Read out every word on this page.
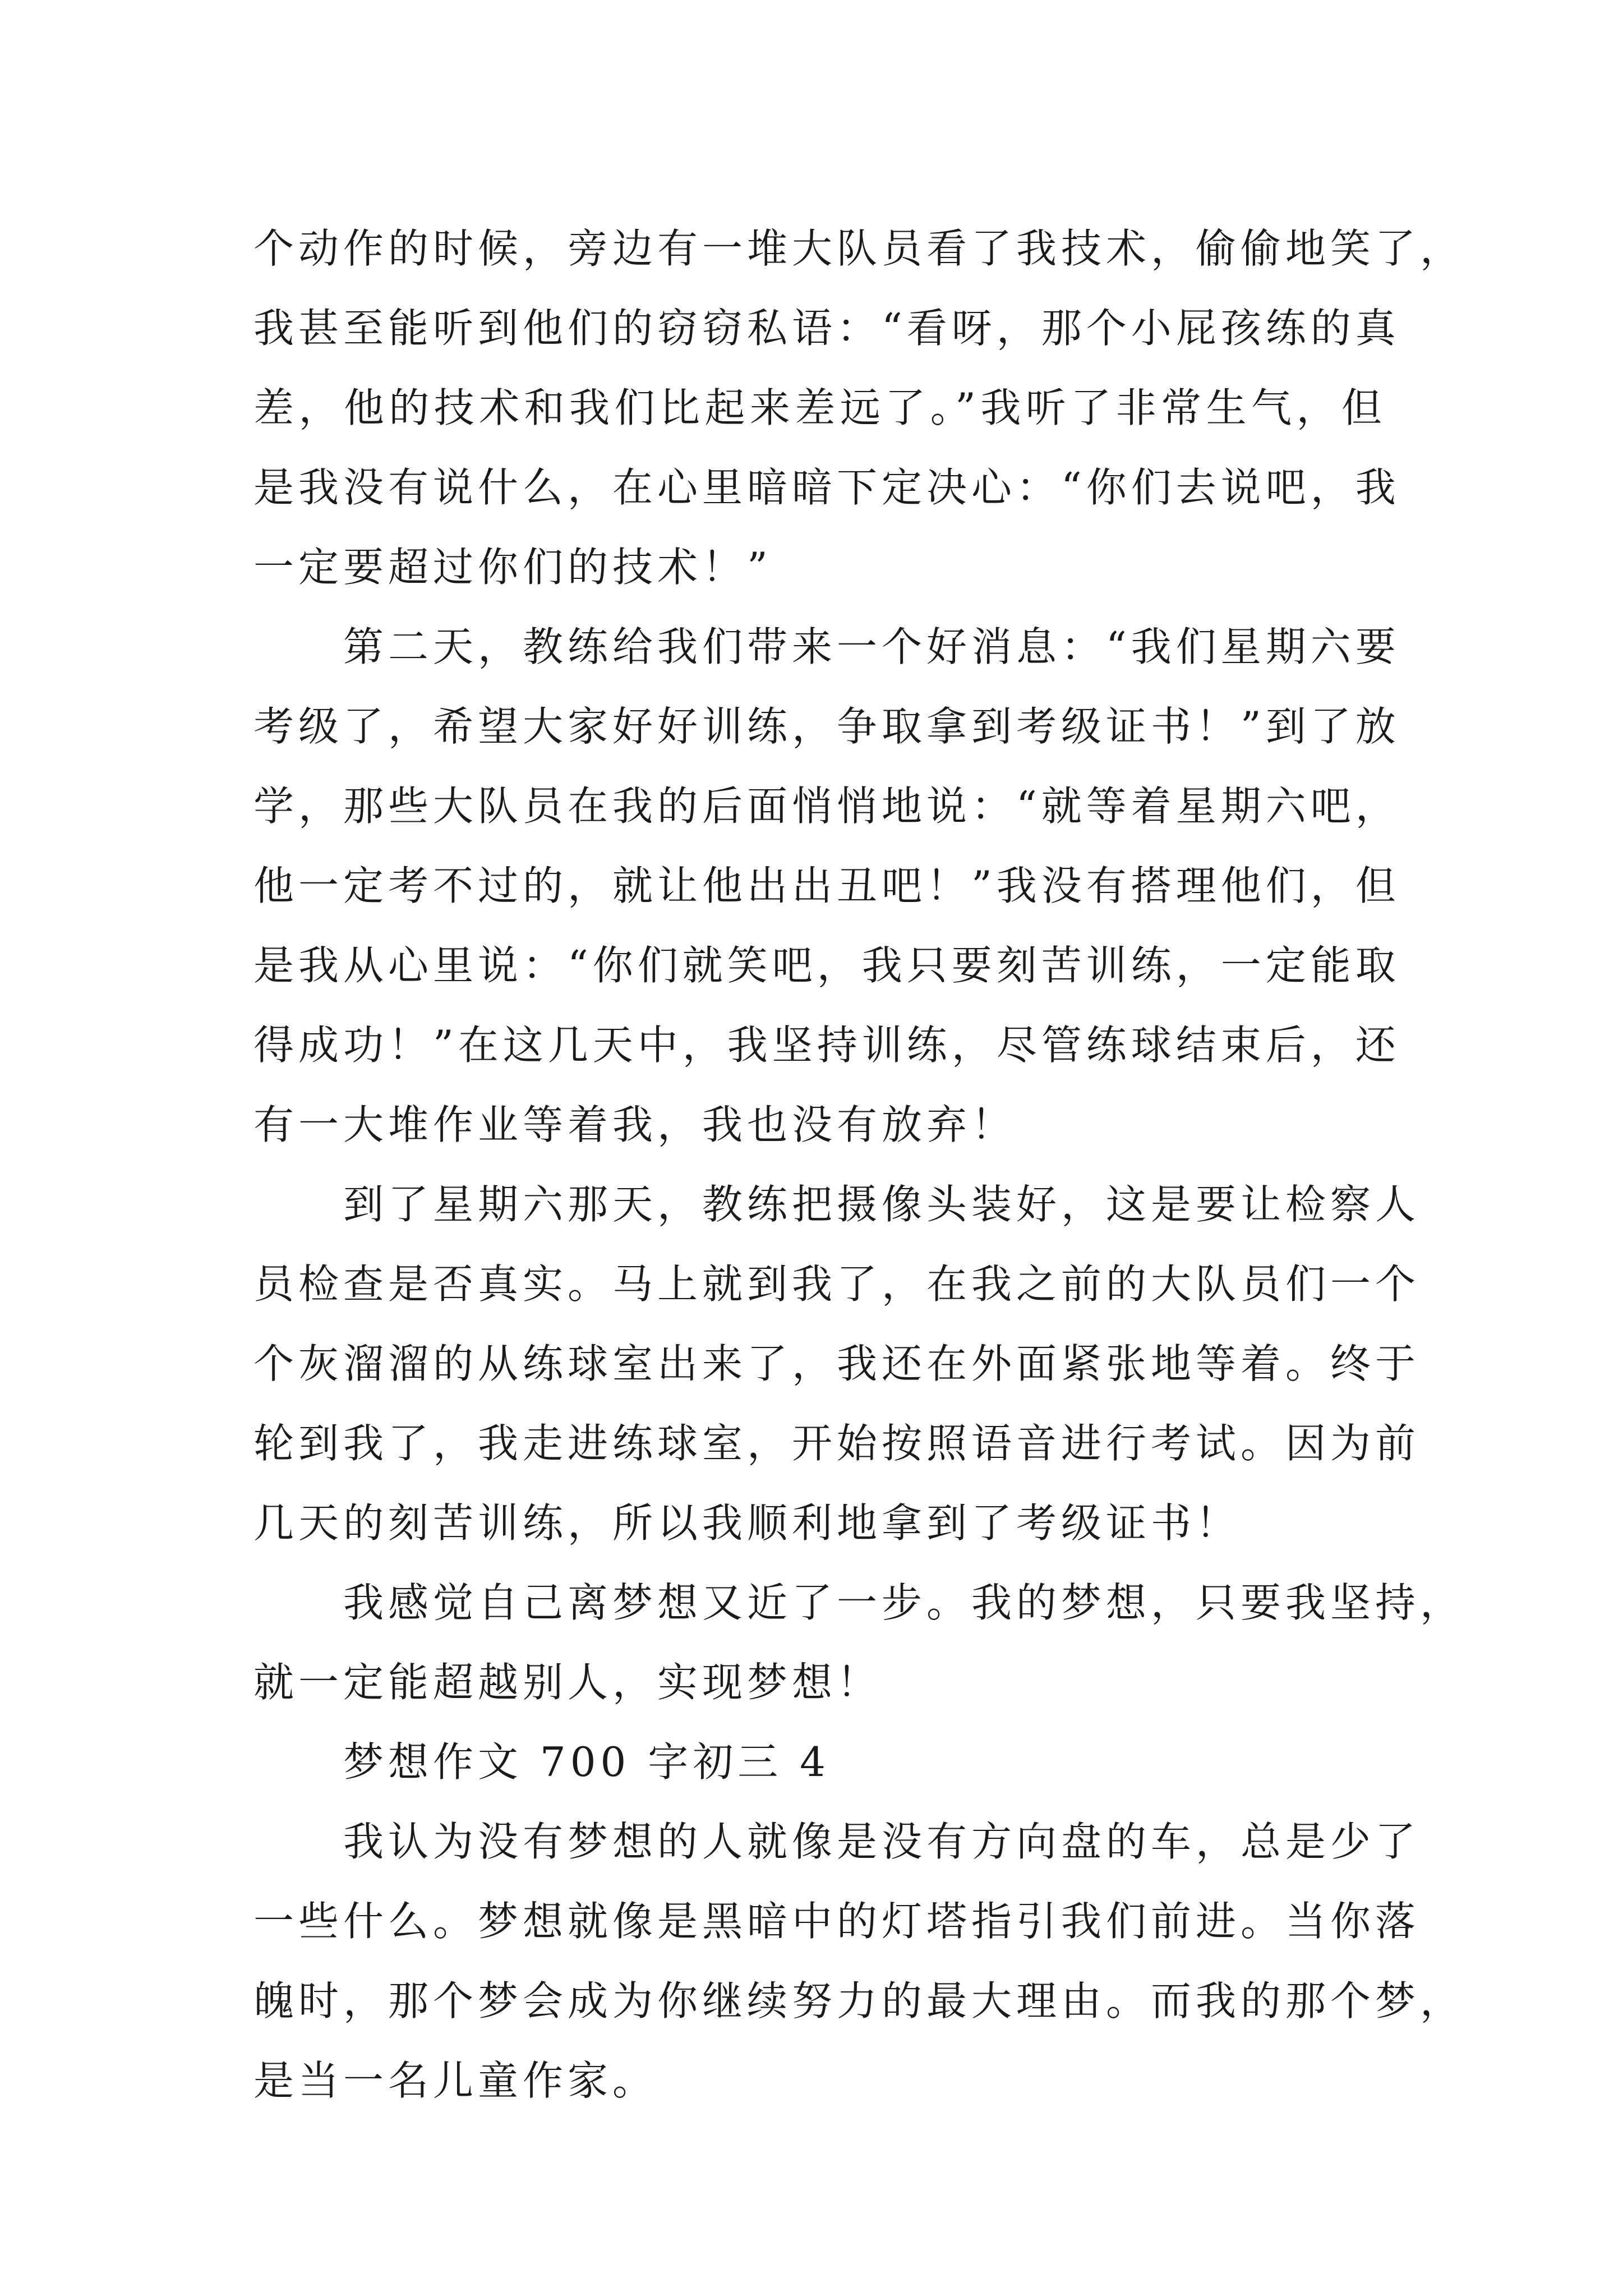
个动作的时候，旁边有一堆大队员看了我技术，偷偷地笑了，
我甚至能听到他们的窃窃私语：“看呀，那个小屁孩练的真
差，他的技术和我们比起来差远了。”我听了非常生气，但
是我没有说什么，在心里暗暗下定决心：“你们去说吧，我
一定要超过你们的技术！”
第二天，教练给我们带来一个好消息：“我们星期六要
考级了，希望大家好好训练，争取拿到考级证书！”到了放
学，那些大队员在我的后面悄悄地说：“就等着星期六吧，
他一定考不过的，就让他出出丑吧！”我没有搭理他们，但
是我从心里说：“你们就笑吧，我只要刻苦训练，一定能取
得成功！”在这几天中，我坚持训练，尽管练球结束后，还
有一大堆作业等着我，我也没有放弃！
到了星期六那天，教练把摄像头装好，这是要让检察人
员检查是否真实。马上就到我了，在我之前的大队员们一个
个灰溜溜的从练球室出来了，我还在外面紧张地等着。终于
轮到我了，我走进练球室，开始按照语音进行考试。因为前
几天的刻苦训练，所以我顺利地拿到了考级证书！
我感觉自己离梦想又近了一步。我的梦想，只要我坚持，
就一定能超越别人，实现梦想！
梦想作文 700 字初三 4
我认为没有梦想的人就像是没有方向盘的车，总是少了
一些什么。梦想就像是黑暗中的灯塔指引我们前进。当你落
魄时，那个梦会成为你继续努力的最大理由。而我的那个梦，
是当一名儿童作家。
